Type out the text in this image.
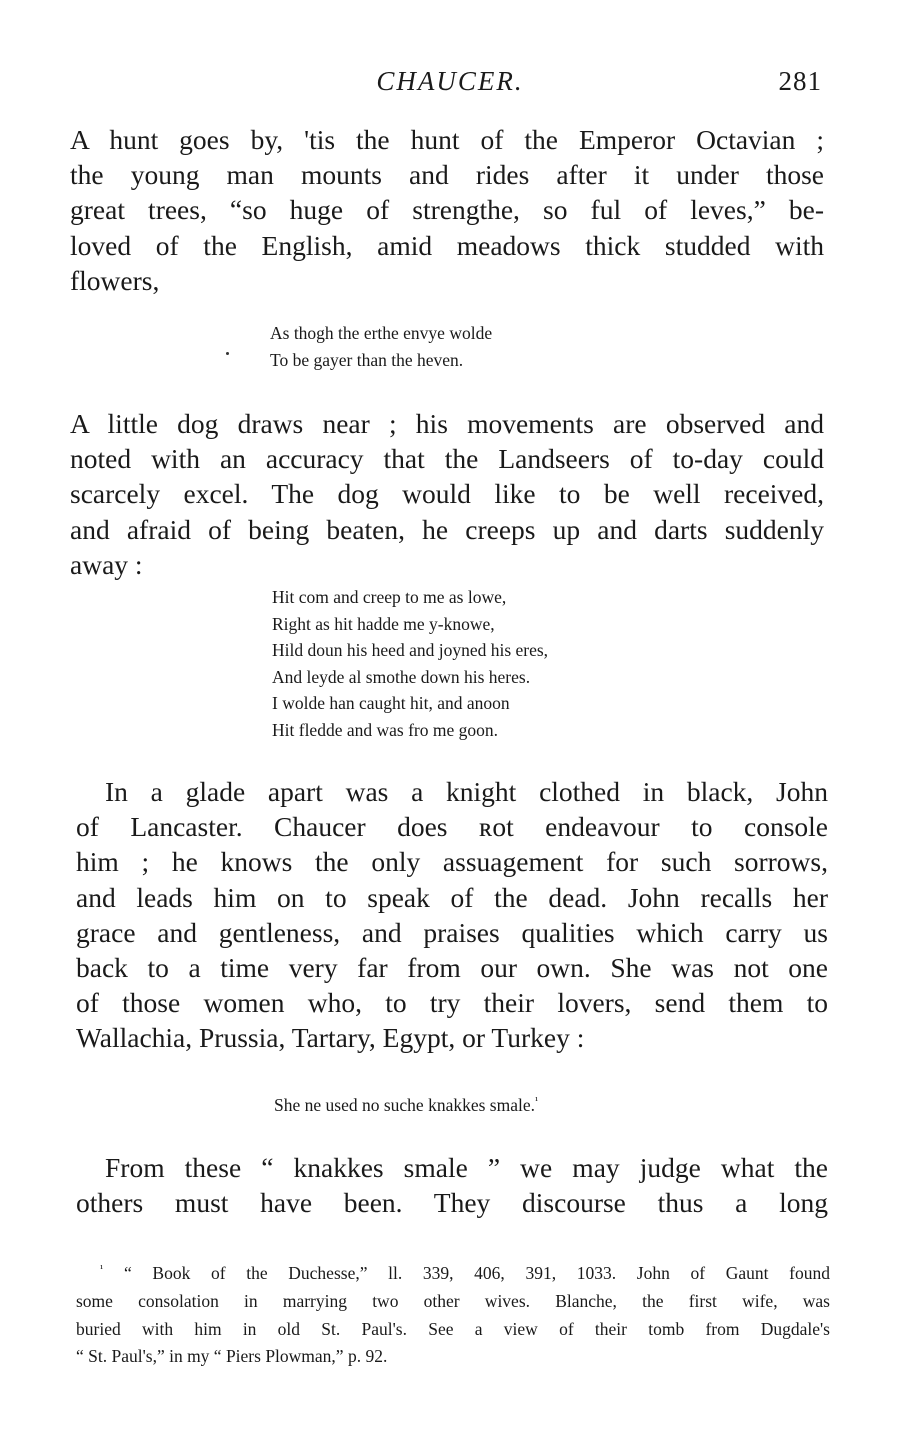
CHAUCER.	281
A hunt goes by, 'tis the hunt of the Emperor Octavian ;
the young man mounts and rides after it under those
great trees, “so huge of strengthe, so ful of leves,” be-
loved of the English, amid meadows thick studded with
flowers,
As thogh the erthe envye wolde
To be gayer than the heven.
A little dog draws near ; his movements are observed and
noted with an accuracy that the Landseers of to-day could
scarcely excel. The dog would like to be well received,
and afraid of being beaten, he creeps up and darts suddenly
away :
Hit com and creep to me as lowe,
Right as hit hadde me y-knowe,
Hild doun his heed and joyned his eres,
And leyde al smothe down his heres.
I wolde han caught hit, and anoon
Hit fledde and was fro me goon.
In a glade apart was a knight clothed in black, John
of Lancaster. Chaucer does ʀot endeavour to console
him ; he knows the only assuagement for such sorrows,
and leads him on to speak of the dead. John recalls her
grace and gentleness, and praises qualities which carry us
back to a time very far from our own. She was not one
of those women who, to try their lovers, send them to
Wallachia, Prussia, Tartary, Egypt, or Turkey :
She ne used no suche knakkes smale.$^{^1}$
From these “ knakkes smale ” we may judge what the
others must have been. They discourse thus a long
$^{^1}$ “ Book of the Duchesse,” ll. 339, 406, 391, 1033. John of Gaunt found
some consolation in marrying two other wives. Blanche, the first wife, was
buried with him in old St. Paul's. See a view of their tomb from Dugdale's
“ St. Paul's,” in my “ Piers Plowman,” p. 92.
